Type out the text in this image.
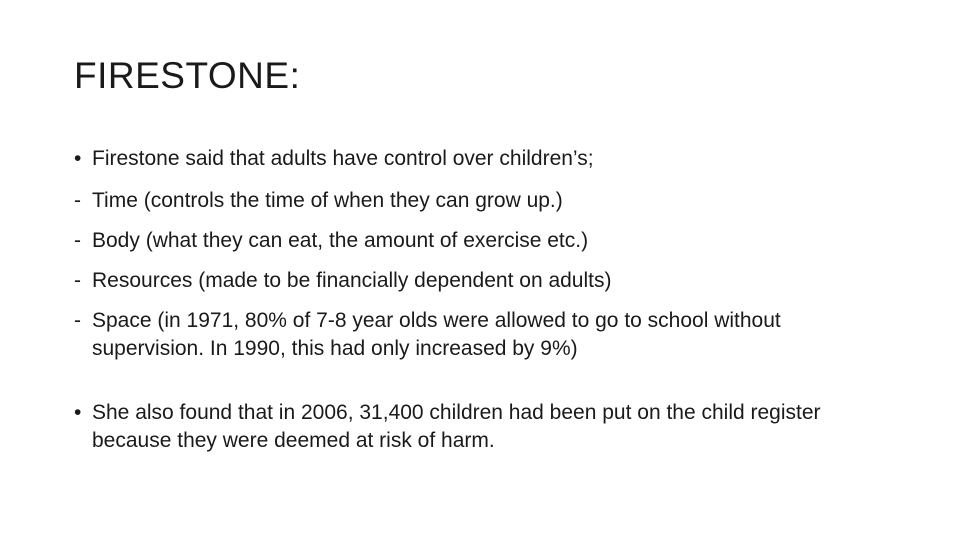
FIRESTONE:
• Firestone said that adults have control over children’s;
- Time (controls the time of when they can grow up.)
- Body (what they can eat, the amount of exercise etc.)
- Resources (made to be financially dependent on adults)
- Space (in 1971, 80% of 7-8 year olds were allowed to go to school without supervision. In 1990, this had only increased by 9%)
• She also found that in 2006, 31,400 children had been put on the child register because they were deemed at risk of harm.
